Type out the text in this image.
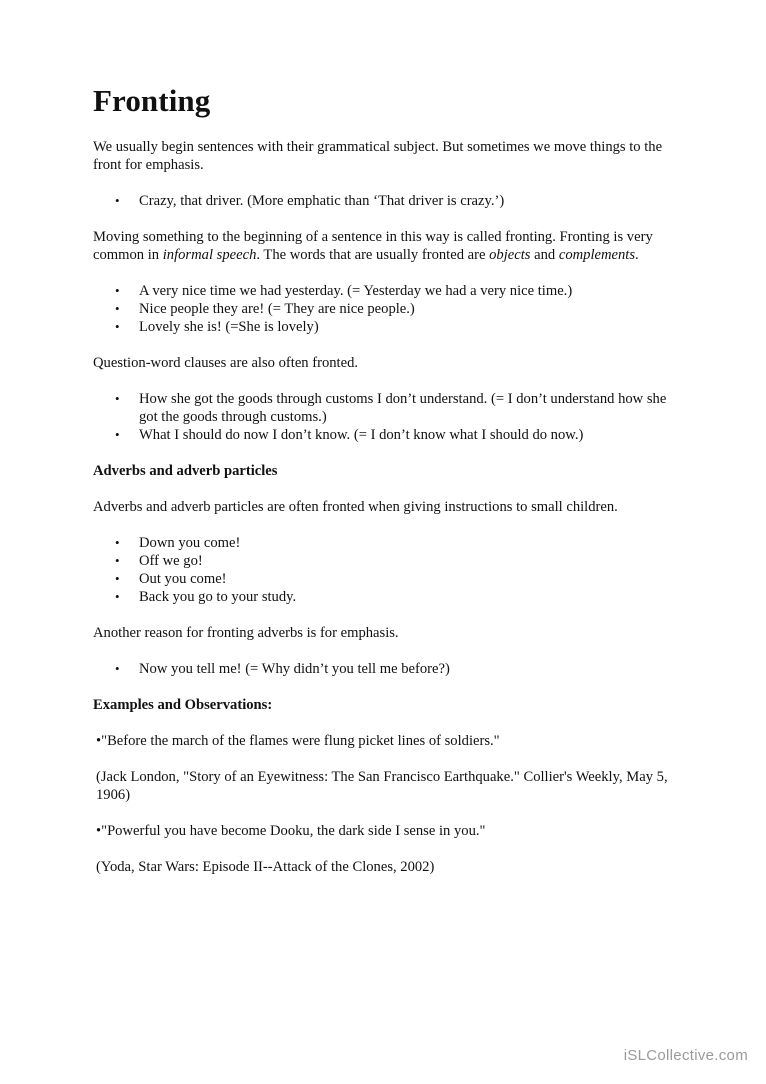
Fronting

We usually begin sentences with their grammatical subject. But sometimes we move things to the front for emphasis.

• Crazy, that driver. (More emphatic than ‘That driver is crazy.’)

Moving something to the beginning of a sentence in this way is called fronting. Fronting is very common in informal speech. The words that are usually fronted are objects and complements.

• A very nice time we had yesterday. (= Yesterday we had a very nice time.)
• Nice people they are! (= They are nice people.)
• Lovely she is! (=She is lovely)

Question-word clauses are also often fronted.

• How she got the goods through customs I don’t understand. (= I don’t understand how she got the goods through customs.)
• What I should do now I don’t know. (= I don’t know what I should do now.)
Adverbs and adverb particles

Adverbs and adverb particles are often fronted when giving instructions to small children.

• Down you come!
• Off we go!
• Out you come!
• Back you go to your study.

Another reason for fronting adverbs is for emphasis.

• Now you tell me! (= Why didn’t you tell me before?)
Examples and Observations:

•"Before the march of the flames were flung picket lines of soldiers."

(Jack London, "Story of an Eyewitness: The San Francisco Earthquake." Collier's Weekly, May 5, 1906)

•"Powerful you have become Dooku, the dark side I sense in you."

(Yoda, Star Wars: Episode II--Attack of the Clones, 2002)

iSLCollective.com
